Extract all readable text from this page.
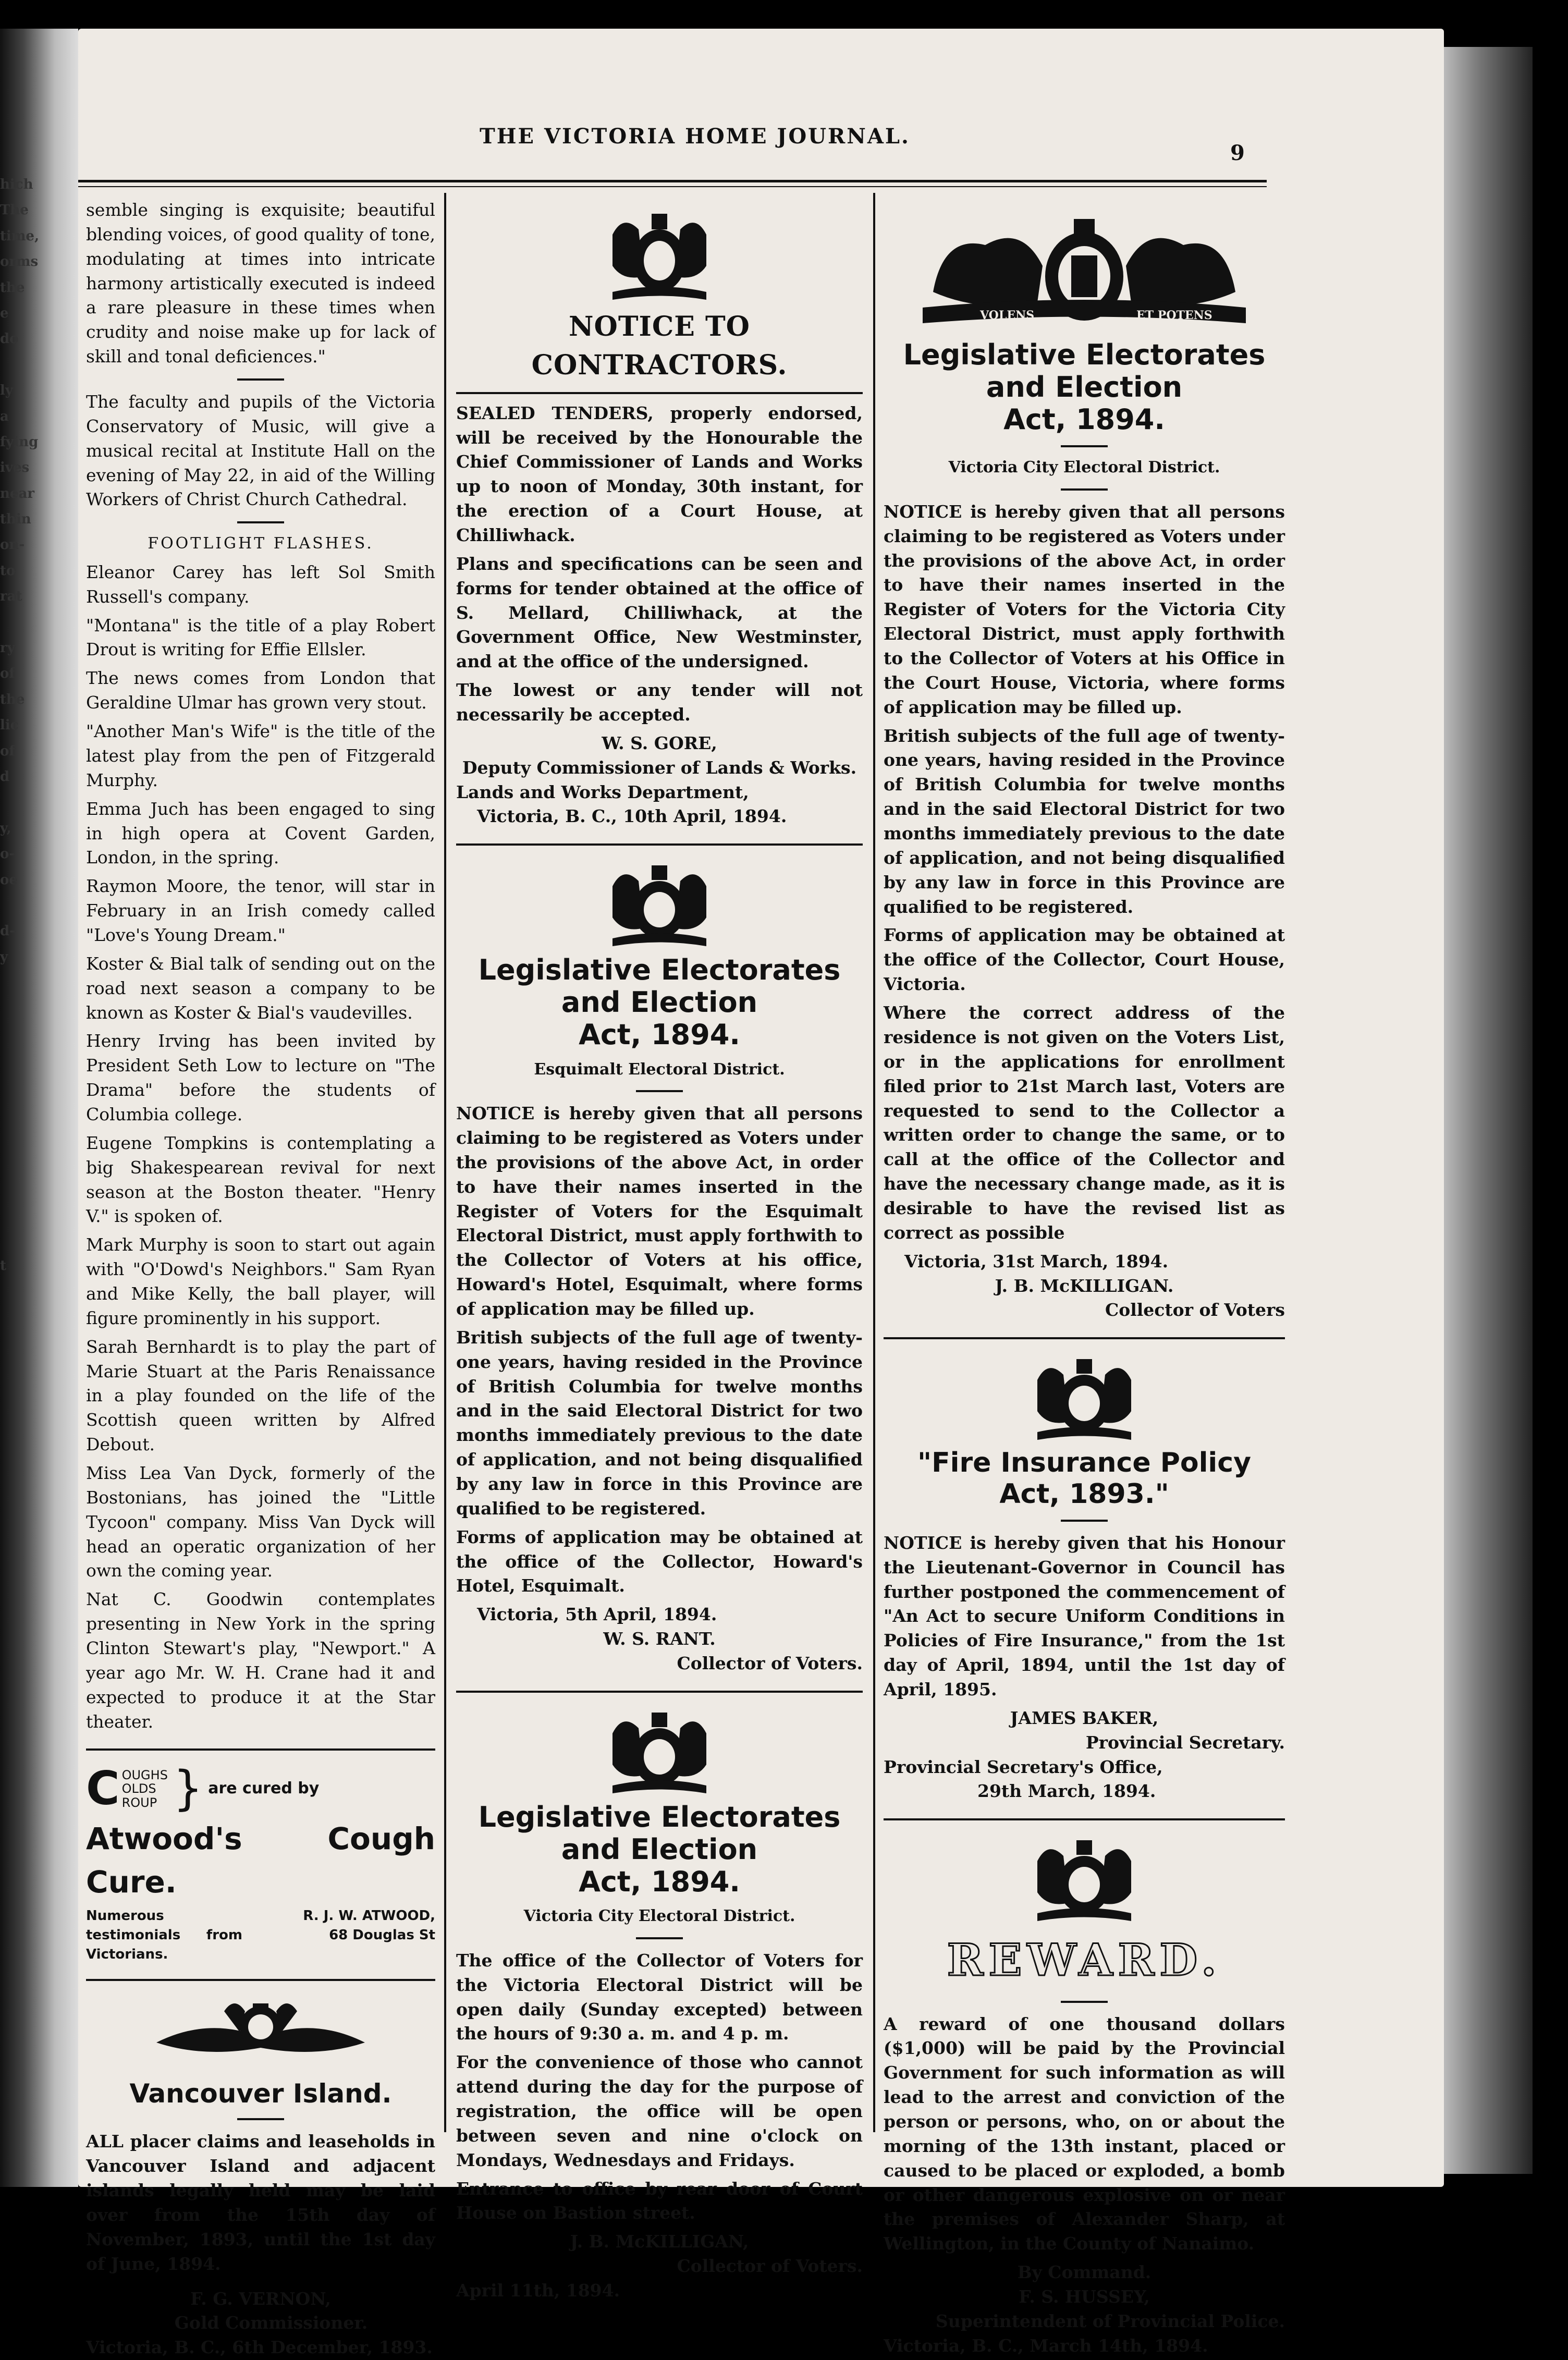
hich
The
time,
orms
the
e do
ly a
fying
ives
near
thin
on-
to
rat
ry
of
the
lic
of
d
y,
o-
oe
d-
y
t
THE VICTORIA HOME JOURNAL.
9

semble singing is exquisite; beautiful blending voices, of good quality of tone, modulating at times into intricate harmony artistically executed is indeed a rare pleasure in these times when crudity and noise make up for lack of skill and tonal deficiences."

The faculty and pupils of the Victoria Conservatory of Music, will give a musical recital at Institute Hall on the evening of May 22, in aid of the Willing Workers of Christ Church Cathedral.

FOOTLIGHT FLASHES.

Eleanor Carey has left Sol Smith Russell's company.

"Montana" is the title of a play Robert Drout is writing for Effie Ellsler.

The news comes from London that Geraldine Ulmar has grown very stout.

"Another Man's Wife" is the title of the latest play from the pen of Fitzgerald Murphy.

Emma Juch has been engaged to sing in high opera at Covent Garden, London, in the spring.

Raymon Moore, the tenor, will star in February in an Irish comedy called "Love's Young Dream."

Koster & Bial talk of sending out on the road next season a company to be known as Koster & Bial's vaudevilles.

Henry Irving has been invited by President Seth Low to lecture on "The Drama" before the students of Columbia college.

Eugene Tompkins is contemplating a big Shakespearean revival for next season at the Boston theater. "Henry V." is spoken of.

Mark Murphy is soon to start out again with "O'Dowd's Neighbors." Sam Ryan and Mike Kelly, the ball player, will figure prominently in his support.

Sarah Bernhardt is to play the part of Marie Stuart at the Paris Renaissance in a play founded on the life of the Scottish queen written by Alfred Debout.

Miss Lea Van Dyck, formerly of the Bostonians, has joined the "Little Tycoon" company. Miss Van Dyck will head an operatic organization of her own the coming year.

Nat C. Goodwin contemplates presenting in New York in the spring Clinton Stewart's play, "Newport." A year ago Mr. W. H. Crane had it and expected to produce it at the Star theater.

C OUGHS
OLDS
ROUP } are cured by
Atwood's Cough Cure.
Numerous testimonials from Victorians.
R. J. W. ATWOOD,
68 Douglas St
Vancouver Island.

ALL placer claims and leaseholds in Vancouver Island and adjacent islands legally held may be laid over from the 15th day of November, 1893, until the 1st day of June, 1894.

F. G. VERNON,
Gold Commissioner.
Victoria, B. C., 6th December, 1893.
NOTICE TO CONTRACTORS.

SEALED TENDERS, properly endorsed, will be received by the Honourable the Chief Commissioner of Lands and Works up to noon of Monday, 30th instant, for the erection of a Court House, at Chilliwhack.

Plans and specifications can be seen and forms for tender obtained at the office of S. Mellard, Chilliwhack, at the Government Office, New Westminster, and at the office of the undersigned.

The lowest or any tender will not necessarily be accepted.

W. S. GORE,
Deputy Commissioner of Lands & Works.
Lands and Works Department,
Victoria, B. C., 10th April, 1894.
Legislative Electorates and Election
Act, 1894.
Esquimalt Electoral District.

NOTICE is hereby given that all persons claiming to be registered as Voters under the provisions of the above Act, in order to have their names inserted in the Register of Voters for the Esquimalt Electoral District, must apply forthwith to the Collector of Voters at his office, Howard's Hotel, Esquimalt, where forms of application may be filled up.

British subjects of the full age of twenty-one years, having resided in the Province of British Columbia for twelve months and in the said Electoral District for two months immediately previous to the date of application, and not being disqualified by any law in force in this Province are qualified to be registered.

Forms of application may be obtained at the office of the Collector, Howard's Hotel, Esquimalt.

Victoria, 5th April, 1894.
W. S. RANT.
Collector of Voters.
Legislative Electorates and Election
Act, 1894.
Victoria City Electoral District.

The office of the Collector of Voters for the Victoria Electoral District will be open daily (Sunday excepted) between the hours of 9:30 a. m. and 4 p. m.

For the convenience of those who cannot attend during the day for the purpose of registration, the office will be open between seven and nine o'clock on Mondays, Wednesdays and Fridays.

Entrance to office by rear door of Court House on Bastion street.

J. B. McKILLIGAN,
Collector of Voters.
April 11th, 1894.
VOLENS	ET POTENS
Legislative Electorates and Election
Act, 1894.
Victoria City Electoral District.

NOTICE is hereby given that all persons claiming to be registered as Voters under the provisions of the above Act, in order to have their names inserted in the Register of Voters for the Victoria City Electoral District, must apply forthwith to the Collector of Voters at his Office in the Court House, Victoria, where forms of application may be filled up.

British subjects of the full age of twenty-one years, having resided in the Province of British Columbia for twelve months and in the said Electoral District for two months immediately previous to the date of application, and not being disqualified by any law in force in this Province are qualified to be registered.

Forms of application may be obtained at the office of the Collector, Court House, Victoria.

Where the correct address of the residence is not given on the Voters List, or in the applications for enrollment filed prior to 21st March last, Voters are requested to send to the Collector a written order to change the same, or to call at the office of the Collector and have the necessary change made, as it is desirable to have the revised list as correct as possible

Victoria, 31st March, 1894.
J. B. McKILLIGAN.
Collector of Voters
"Fire Insurance Policy Act, 1893."

NOTICE is hereby given that his Honour the Lieutenant-Governor in Council has further postponed the commencement of "An Act to secure Uniform Conditions in Policies of Fire Insurance," from the 1st day of April, 1894, until the 1st day of April, 1895.

JAMES BAKER,
Provincial Secretary.
Provincial Secretary's Office,
29th March, 1894.
REWARD.

A reward of one thousand dollars ($1,000) will be paid by the Provincial Government for such information as will lead to the arrest and conviction of the person or persons, who, on or about the morning of the 13th instant, placed or caused to be placed or exploded, a bomb or other dangerous explosive on or near the premises of Alexander Sharp, at Wellington, in the County of Nanaimo.

By Command.
F. S. HUSSEY,
Superintendent of Provincial Police.
Victoria, B. C., March 14th, 1894.
